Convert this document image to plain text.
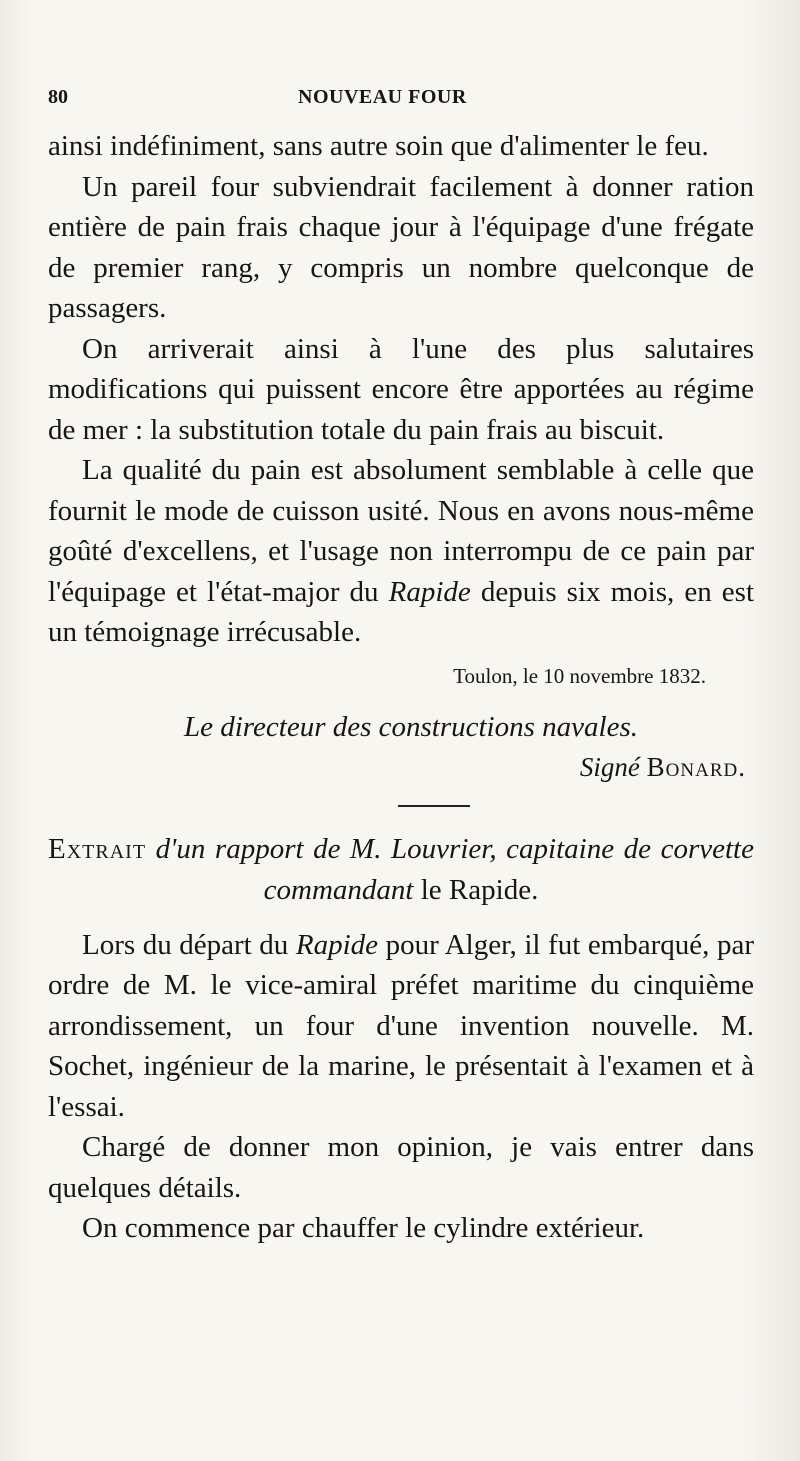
80	NOUVEAU FOUR

ainsi indéfiniment, sans autre soin que d'alimenter le feu.

Un pareil four subviendrait facilement à donner ration entière de pain frais chaque jour à l'équipage d'une frégate de premier rang, y compris un nombre quelconque de passagers.

On arriverait ainsi à l'une des plus salutaires modifications qui puissent encore être apportées au régime de mer : la substitution totale du pain frais au biscuit.

La qualité du pain est absolument semblable à celle que fournit le mode de cuisson usité. Nous en avons nous-même goûté d'excellens, et l'usage non interrompu de ce pain par l'équipage et l'état-major du Rapide depuis six mois, en est un témoignage irrécusable.

Toulon, le 10 novembre 1832.

Le directeur des constructions navales.

Signé Bonard.

Extrait d'un rapport de M. Louvrier, capitaine de corvette commandant le Rapide.

Lors du départ du Rapide pour Alger, il fut embarqué, par ordre de M. le vice-amiral préfet maritime du cinquième arrondissement, un four d'une invention nouvelle. M. Sochet, ingénieur de la marine, le présentait à l'examen et à l'essai.

Chargé de donner mon opinion, je vais entrer dans quelques détails.

On commence par chauffer le cylindre extérieur.
